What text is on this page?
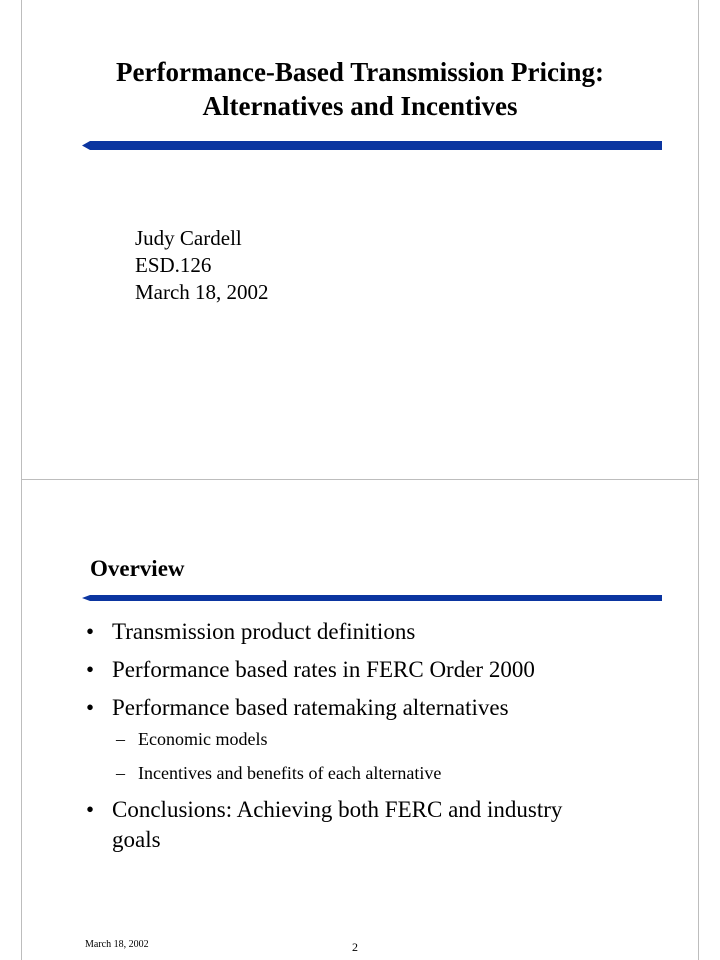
Performance-Based Transmission Pricing:
Alternatives and Incentives
Judy Cardell
ESD.126
March 18, 2002
Overview
• Transmission product definitions
• Performance based rates in FERC Order 2000
• Performance based ratemaking alternatives
– Economic models
– Incentives and benefits of each alternative
• Conclusions: Achieving both FERC and industry goals
March 18, 2002	2
